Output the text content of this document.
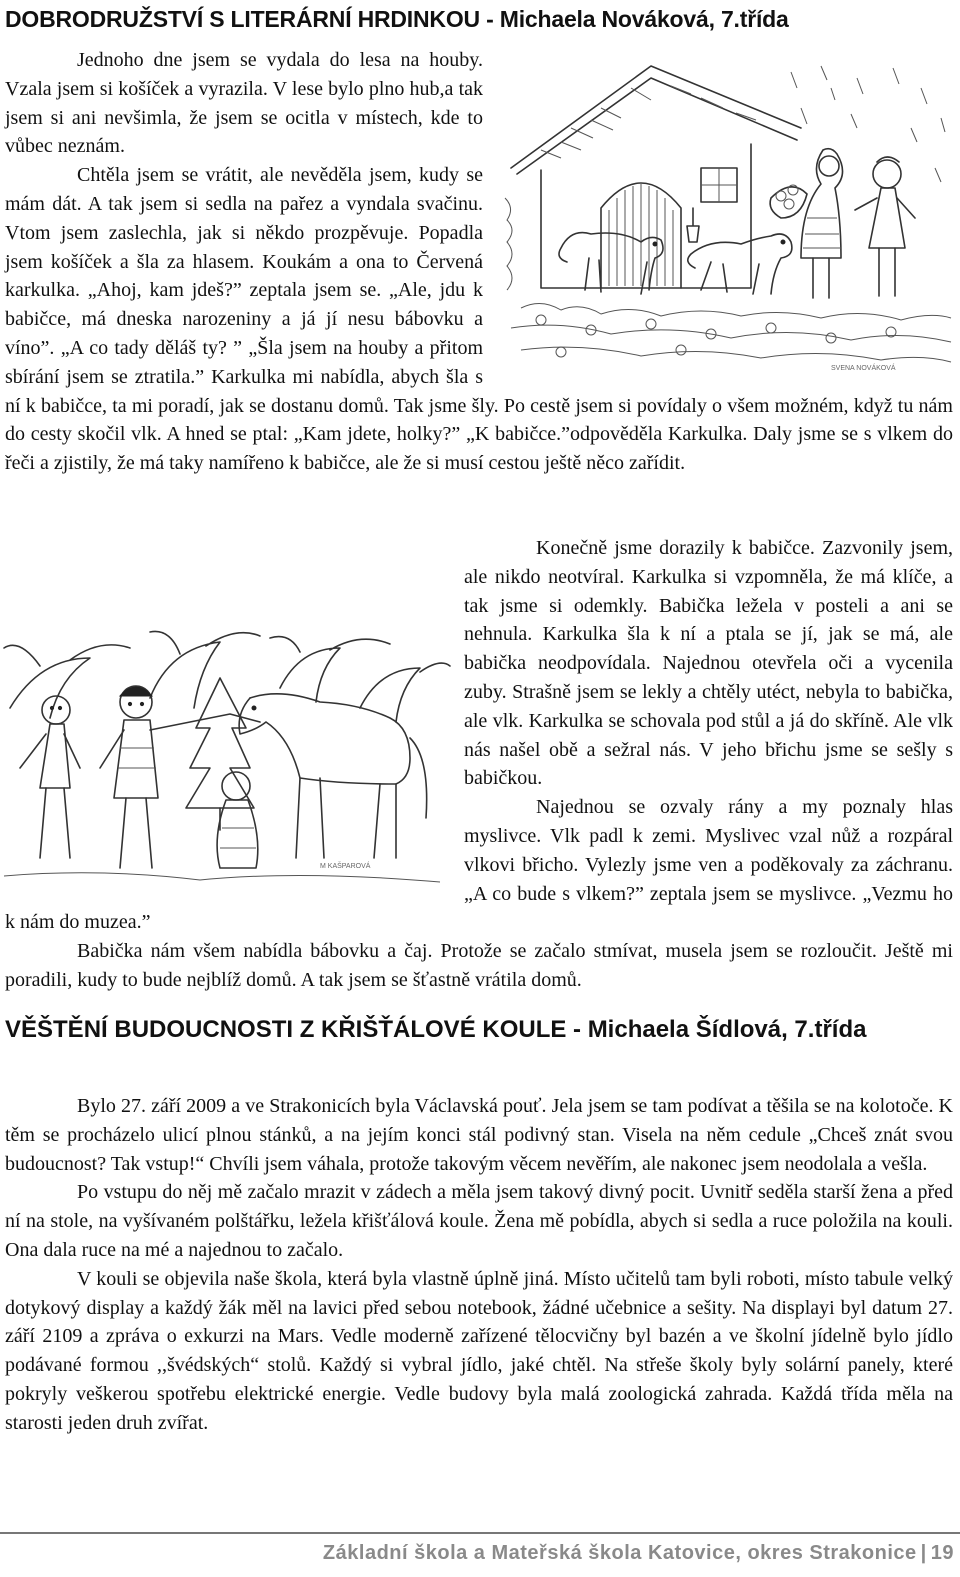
DOBRODRUŽSTVÍ S LITERÁRNÍ HRDINKOU - Michaela Nováková, 7.třída
SVENA NOVÁKOVÁ

Jednoho dne jsem se vydala do lesa na houby. Vzala jsem si košíček a vyrazila. V lese bylo plno hub,a tak jsem si ani nevšimla, že jsem se ocitla v místech, kde to vůbec neznám.

Chtěla jsem se vrátit, ale nevěděla jsem, kudy se mám dát. A tak jsem si sedla na pařez a vyndala svačinu. Vtom jsem zaslechla, jak si někdo prozpěvuje. Popadla jsem košíček a šla za hlasem. Koukám a ona to Červená karkulka. „Ahoj, kam jdeš?” zeptala jsem se. „Ale, jdu k babičce, má dneska narozeniny a já jí nesu bábovku a víno”. „A co tady děláš ty? ” „Šla jsem na houby a přitom sbírání jsem se ztratila.” Karkulka mi nabídla, abych šla s ní k babičce, ta mi poradí, jak se dostanu domů. Tak jsme šly. Po cestě jsem si povídaly o všem možném, když tu nám do cesty skočil vlk. A hned se ptal: „Kam jdete, holky?” „K babičce.”odpověděla Karkulka. Daly jsme se s vlkem do řeči a zjistily, že má taky namířeno k babičce, ale že si musí cestou ještě něco zařídit.

M KAŠPAROVÁ

Konečně jsme dorazily k babičce. Zazvonily jsem, ale nikdo neotvíral. Karkulka si vzpomněla, že má klíče, a tak jsme si odemkly. Babička ležela v posteli a ani se nehnula. Karkulka šla k ní a ptala se jí, jak se má, ale babička neodpovídala. Najednou otevřela oči a vycenila zuby. Strašně jsem se lekly a chtěly utéct, nebyla to babička, ale vlk. Karkulka se schovala pod stůl a já do skříně. Ale vlk nás našel obě a sežral nás. V jeho břichu jsme se sešly s babičkou.

Najednou se ozvaly rány a my poznaly hlas myslivce. Vlk padl k zemi. Myslivec vzal nůž a rozpáral vlkovi břicho. Vylezly jsme ven a poděkovaly za záchranu. „A co bude s vlkem?” zeptala jsem se myslivce. „Vezmu ho k nám do muzea.”

Babička nám všem nabídla bábovku a čaj. Protože se začalo stmívat, musela jsem se rozloučit. Ještě mi poradili, kudy to bude nejblíž domů. A tak jsem se šťastně vrátila domů.

VĚŠTĚNÍ BUDOUCNOSTI Z KŘIŠŤÁLOVÉ KOULE - Michaela Šídlová, 7.třída

Bylo 27. září 2009 a ve Strakonicích byla Václavská pouť. Jela jsem se tam podívat a těšila se na kolotoče. K těm se procházelo ulicí plnou stánků, a na jejím konci stál podivný stan. Visela na něm cedule „Chceš znát svou budoucnost? Tak vstup!“ Chvíli jsem váhala, protože takovým věcem nevěřím, ale nakonec jsem neodolala a vešla.

Po vstupu do něj mě začalo mrazit v zádech a měla jsem takový divný pocit. Uvnitř seděla starší žena a před ní na stole, na vyšívaném polštářku, ležela křišťálová koule. Žena mě pobídla, abych si sedla a ruce položila na kouli. Ona dala ruce na mé a najednou to začalo.

V kouli se objevila naše škola, která byla vlastně úplně jiná. Místo učitelů tam byli roboti, místo tabule velký dotykový display a každý žák měl na lavici před sebou notebook, žádné učebnice a sešity. Na displayi byl datum 27. září 2109 a zpráva o exkurzi na Mars. Vedle moderně zařízené tělocvičny byl bazén a ve školní jídelně bylo jídlo podávané formou ,,švédských“ stolů. Každý si vybral jídlo, jaké chtěl. Na střeše školy byly solární panely, které pokryly veškerou spotřebu elektrické energie. Vedle budovy byla malá zoologická zahrada. Každá třída měla na starosti jeden druh zvířat.

Základní škola a Mateřská škola Katovice, okres Strakonice | 19
